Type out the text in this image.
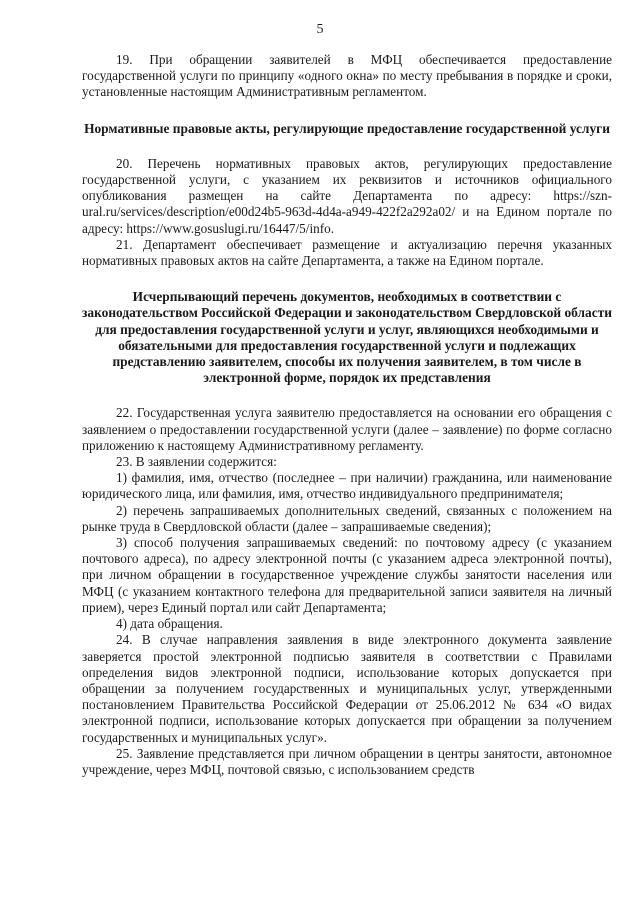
5

19. При обращении заявителей в МФЦ обеспечивается предоставление государственной услуги по принципу «одного окна» по месту пребывания в порядке и сроки, установленные настоящим Административным регламентом.

Нормативные правовые акты, регулирующие предоставление государственной услуги

20. Перечень нормативных правовых актов, регулирующих предоставление государственной услуги, с указанием их реквизитов и источников официального опубликования размещен на сайте Департамента по адресу: https://szn-ural.ru/services/description/e00d24b5-963d-4d4a-a949-422f2a292a02/ и на Едином портале по адресу: https://www.gosuslugi.ru/16447/5/info.

21. Департамент обеспечивает размещение и актуализацию перечня указанных нормативных правовых актов на сайте Департамента, а также на Едином портале.

Исчерпывающий перечень документов, необходимых в соответствии с законодательством Российской Федерации и законодательством Свердловской области для предоставления государственной услуги и услуг, являющихся необходимыми и обязательными для предоставления государственной услуги и подлежащих представлению заявителем, способы их получения заявителем, в том числе в электронной форме, порядок их представления

22. Государственная услуга заявителю предоставляется на основании его обращения с заявлением о предоставлении государственной услуги (далее – заявление) по форме согласно приложению к настоящему Административному регламенту.

23. В заявлении содержится:

1) фамилия, имя, отчество (последнее – при наличии) гражданина, или наименование юридического лица, или фамилия, имя, отчество индивидуального предпринимателя;

2) перечень запрашиваемых дополнительных сведений, связанных с положением на рынке труда в Свердловской области (далее – запрашиваемые сведения);

3) способ получения запрашиваемых сведений: по почтовому адресу (с указанием почтового адреса), по адресу электронной почты (с указанием адреса электронной почты), при личном обращении в государственное учреждение службы занятости населения или МФЦ (с указанием контактного телефона для предварительной записи заявителя на личный прием), через Единый портал или сайт Департамента;

4) дата обращения.

24. В случае направления заявления в виде электронного документа заявление заверяется простой электронной подписью заявителя в соответствии с Правилами определения видов электронной подписи, использование которых допускается при обращении за получением государственных и муниципальных услуг, утвержденными постановлением Правительства Российской Федерации от 25.06.2012 № 634 «О видах электронной подписи, использование которых допускается при обращении за получением государственных и муниципальных услуг».

25. Заявление представляется при личном обращении в центры занятости, автономное учреждение, через МФЦ, почтовой связью, с использованием средств
